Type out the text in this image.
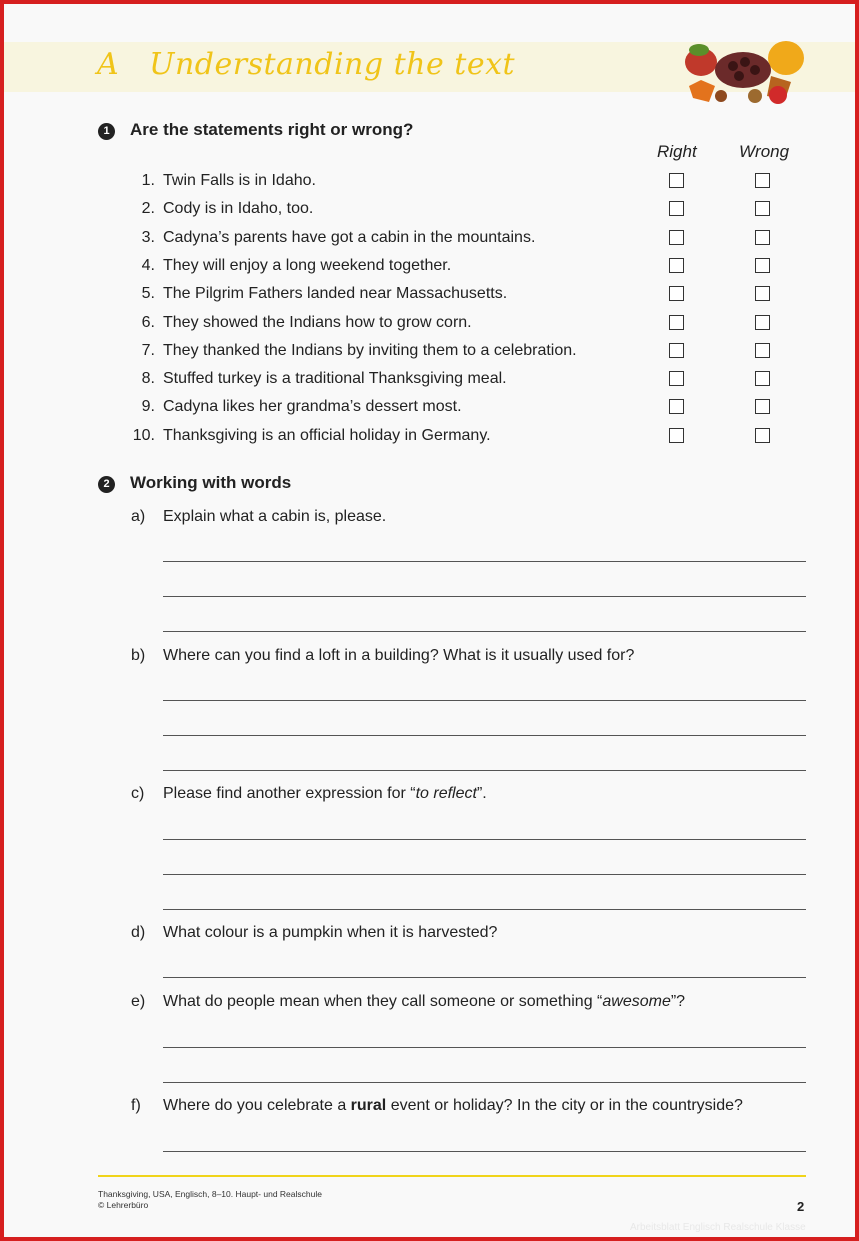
A Understanding the text
1 Are the statements right or wrong?
Right Wrong
1. Twin Falls is in Idaho.
2. Cody is in Idaho, too.
3. Cadyna’s parents have got a cabin in the mountains.
4. They will enjoy a long weekend together.
5. The Pilgrim Fathers landed near Massachusetts.
6. They showed the Indians how to grow corn.
7. They thanked the Indians by inviting them to a celebration.
8. Stuffed turkey is a traditional Thanksgiving meal.
9. Cadyna likes her grandma’s dessert most.
10. Thanksgiving is an official holiday in Germany.
2 Working with words
a) Explain what a cabin is, please.
b) Where can you find a loft in a building? What is it usually used for?
c) Please find another expression for “to reflect”.
d) What colour is a pumpkin when it is harvested?
e) What do people mean when they call someone or something “awesome”?
f) Where do you celebrate a rural event or holiday? In the city or in the countryside?
Thanksgiving, USA, Englisch, 8–10. Haupt- und Realschule
© Lehrerbüro	2
Arbeitsblatt Englisch Realschule Klasse
